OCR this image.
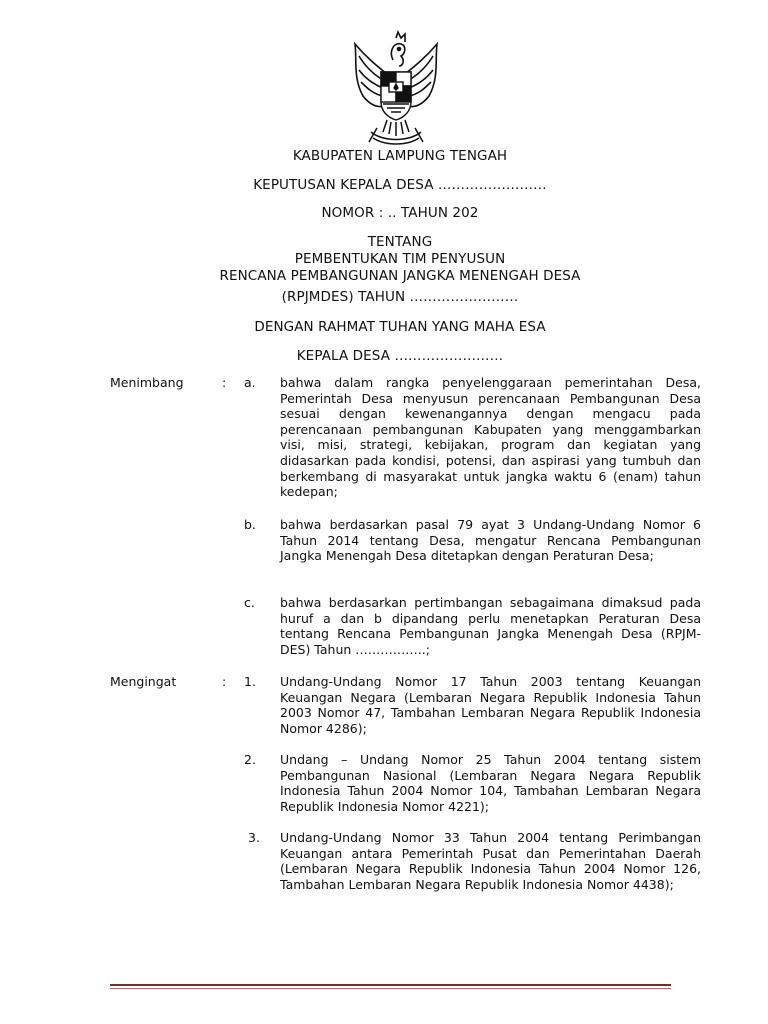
KABUPATEN LAMPUNG TENGAH
KEPUTUSAN KEPALA DESA ……………………
NOMOR : .. TAHUN 202
TENTANG
PEMBENTUKAN TIM PENYUSUN
RENCANA PEMBANGUNAN JANGKA MENENGAH DESA
(RPJMDES) TAHUN ……………………
DENGAN RAHMAT TUHAN YANG MAHA ESA
KEPALA DESA ……………………
Menimbang	: a. bahwa dalam rangka penyelenggaraan pemerintahan Desa, Pemerintah Desa menyusun perencanaan Pembangunan Desa sesuai dengan kewenangannya dengan mengacu pada perencanaan pembangunan Kabupaten yang menggambarkan visi, misi, strategi, kebijakan, program dan kegiatan yang didasarkan pada kondisi, potensi, dan aspirasi yang tumbuh dan berkembang di masyarakat untuk jangka waktu 6 (enam) tahun kedepan;

b. bahwa berdasarkan pasal 79 ayat 3 Undang-Undang Nomor 6 Tahun 2014 tentang Desa, mengatur Rencana Pembangunan Jangka Menengah Desa ditetapkan dengan Peraturan Desa;

c. bahwa berdasarkan pertimbangan sebagaimana dimaksud pada huruf a dan b dipandang perlu menetapkan Peraturan Desa tentang Rencana Pembangunan Jangka Menengah Desa (RPJM-DES) Tahun ……………..;

Mengingat	: 1. Undang-Undang Nomor 17 Tahun 2003 tentang Keuangan Keuangan Negara (Lembaran Negara Republik Indonesia Tahun 2003 Nomor 47, Tambahan Lembaran Negara Republik Indonesia Nomor 4286);

2. Undang – Undang Nomor 25 Tahun 2004 tentang sistem Pembangunan Nasional (Lembaran Negara Negara Republik Indonesia Tahun 2004 Nomor 104, Tambahan Lembaran Negara Republik Indonesia Nomor 4221);

3. Undang-Undang Nomor 33 Tahun 2004 tentang Perimbangan Keuangan antara Pemerintah Pusat dan Pemerintahan Daerah (Lembaran Negara Republik Indonesia Tahun 2004 Nomor 126, Tambahan Lembaran Negara Republik Indonesia Nomor 4438);
